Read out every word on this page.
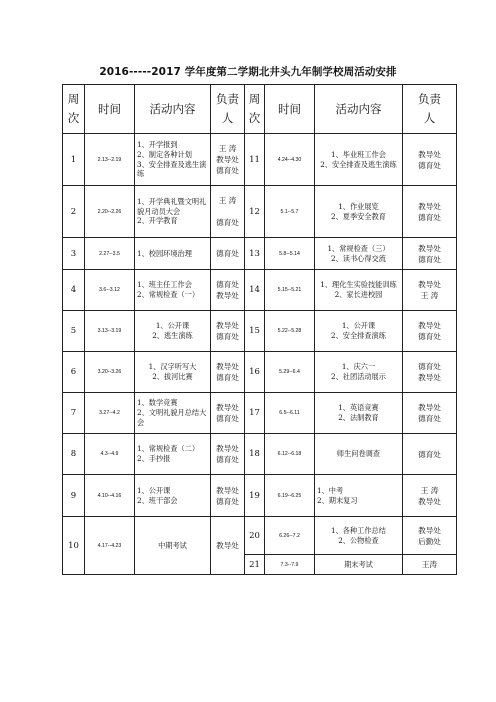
2016-----2017 学年度第二学期北井头九年制学校周活动安排
周
次	时间	活动内容	负责
人	周
次	时间	活动内容	负责
人

1	2.13--2.19	1、开学报到
2、制定各种计划
3、安全排查及逃生演练	王 涛
教导处
德育处	11	4.24--4.30	1、毕业班工作会
2、安全排查及逃生演练	教导处
德育处

2	2.20--2.26	1、开学典礼暨文明礼貌月动员大会
2、开学教育	王 涛
德育处	12	5.1--5.7	1、作业展览
2、夏季安全教育	教导处
德育处

3	2.27--3.5	1、校园环境治理	德育处	13	5.8--5.14	1、常规检查（三）
2、读书心得交流	教导处
德育处

4	3.6--3.12	1、班主任工作会
2、常规检查（一）	德育处
教导处	14	5.15--5.21	1、理化生实验技能训练
2、家长进校园	教导处
王 涛

5	3.13--3.19	1、公开课
2、逃生演练	教导处
德育处	15	5.22--5.28	1、公开课
2、安全排查演练	教导处
德育处

6	3.20--3.26	1、汉字听写大
2、拔河比赛	教导处
德育处	16	5.29--6.4	1、庆六一
2、社团活动展示	德育处
教导处

7	3.27--4.2	1、数学竞赛
2、文明礼貌月总结大会	教导处
德育处	17	6.5--6.11	1、英语竞赛
2、法制教育	教导处
德育处

8	4.3--4.9	1、常规检查（二）
2、手抄报	教导处
德育处	18	6.12--6.18	师生问卷调查	德育处

9	4.10--4.16	1、公开课
2、班干部会	教导处
德育处	19	6.19--6.25	1、中考
2、期末复习	王 涛
教导处

10	4.17--4.23	中期考试	教导处	20	6.26--7.2	1、各种工作总结
2、公物检查	教导处
后勤处

				21	7.3--7.9	期末考试	王涛
